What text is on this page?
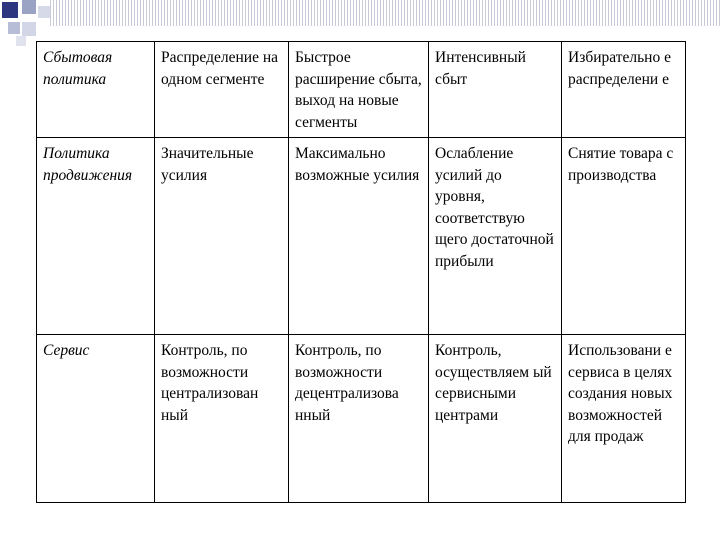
Сбытовая политика	Распределение на одном сегменте	Быстрое расширение сбыта, выход на новые сегменты	Интенсивный сбыт	Избирательно е распределени е
Политика продвижения	Значительные усилия	Максимально возможные усилия	Ослабление усилий до уровня, соответствую щего достаточной прибыли	Снятие товара с производства
Сервис	Контроль, по возможности централизован ный	Контроль, по возможности децентрализова нный	Контроль, осуществляем ый сервисными центрами	Использовани е сервиса в целях создания новых возможностей для продаж
